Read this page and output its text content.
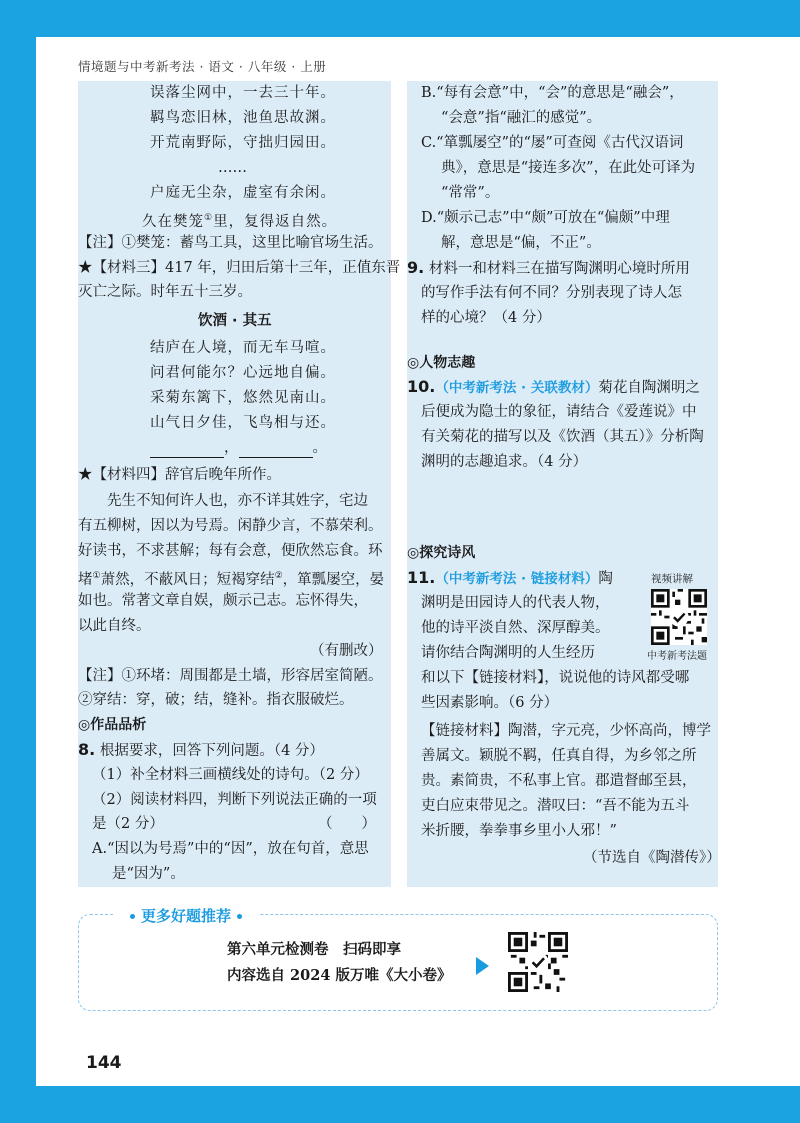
情境题与中考新考法 · 语文 · 八年级 · 上册
误落尘网中，一去三十年。
羁鸟恋旧林，池鱼思故渊。
开荒南野际，守拙归园田。
……
户庭无尘杂，虚室有余闲。
久在樊笼①里，复得返自然。
【注】①樊笼：蓄鸟工具，这里比喻官场生活。
★【材料三】417 年，归田后第十三年，正值东晋
灭亡之际。时年五十三岁。
饮酒 · 其五
结庐在人境，而无车马喧。
问君何能尔？心远地自偏。
采菊东篱下，悠然见南山。
山气日夕佳，飞鸟相与还。
，	。
★【材料四】辞官后晚年所作。
先生不知何许人也，亦不详其姓字，宅边
有五柳树，因以为号焉。闲静少言，不慕荣利。
好读书，不求甚解；每有会意，便欣然忘食。环
堵①萧然，不蔽风日；短褐穿结②，箪瓢屡空，晏
如也。常著文章自娱，颇示己志。忘怀得失，
以此自终。
（有删改）
【注】①环堵：周围都是土墙，形容居室简陋。
②穿结：穿，破；结，缝补。指衣服破烂。
◎作品品析
8. 根据要求，回答下列问题。（4 分）
（1）补全材料三画横线处的诗句。（2 分）
（2）阅读材料四，判断下列说法正确的一项
是（2 分）	（　　）
A.“因以为号焉”中的“因”，放在句首，意思
是“因为”。
B.“每有会意”中，“会”的意思是“融会”，
“会意”指“融汇的感觉”。
C.“箪瓢屡空”的“屡”可查阅《古代汉语词
典》，意思是“接连多次”，在此处可译为
“常常”。
D.“颇示己志”中“颇”可放在“偏颇”中理
解，意思是“偏，不正”。
9. 材料一和材料三在描写陶渊明心境时所用
的写作手法有何不同？分别表现了诗人怎
样的心境？（4 分）
◎人物志趣
10.（中考新考法 · 关联教材）菊花自陶渊明之
后便成为隐士的象征，请结合《爱莲说》中
有关菊花的描写以及《饮酒（其五）》分析陶
渊明的志趣追求。（4 分）
◎探究诗风
11.（中考新考法 · 链接材料）陶
渊明是田园诗人的代表人物，
他的诗平淡自然、深厚醇美。
请你结合陶渊明的人生经历
和以下【链接材料】，说说他的诗风都受哪
些因素影响。（6 分）
视频讲解
中考新考法题
【链接材料】陶潜，字元亮，少怀高尚，博学
善属文。颖脱不羁，任真自得，为乡邻之所
贵。素简贵，不私事上官。郡遣督邮至县，
吏白应束带见之。潜叹曰：“吾不能为五斗
米折腰，拳拳事乡里小人邪！”
（节选自《陶潜传》）
更多好题推荐
第六单元检测卷　扫码即享
内容选自 2024 版万唯《大小卷》
144
